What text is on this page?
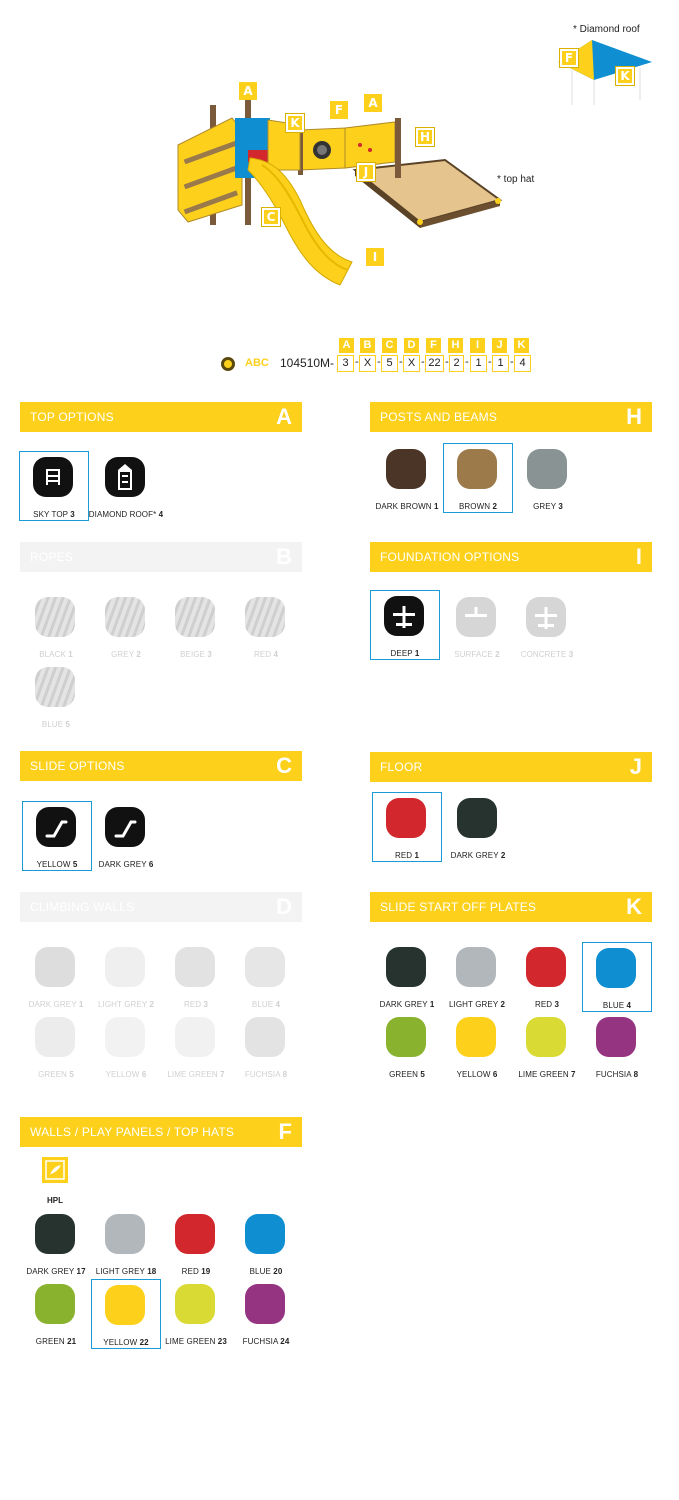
* Diamond roof
* top hat
A
K
F	A
H
J
C
I
F
K
ABC 104510M-
A	B	C	D	F	H	I	J	K
3 - X - 5 - X - 22 - 2 - 1 - 1 - 4
TOP OPTIONS	A
ROPES	B
SLIDE OPTIONS	C
CLIMBING WALLS	D
WALLS / PLAY PANELS / TOP HATS F
POSTS AND BEAMS	H
FOUNDATION OPTIONS	I
FLOOR	J
SLIDE START OFF PLATES	K
SKY TOP 3	DIAMOND ROOF* 4
BLACK 1	GREY 2	BEIGE 3	RED 4
BLUE 5
YELLOW 5	DARK GREY 6
DARK GREY 1	LIGHT GREY 2	RED 3	BLUE 4
GREEN 5	YELLOW 6	LIME GREEN 7	FUCHSIA 8
HPL
DARK GREY 17	LIGHT GREY 18	RED 19	BLUE 20
GREEN 21	YELLOW 22	LIME GREEN 23	FUCHSIA 24
DARK BROWN 1	BROWN 2	GREY 3
DEEP 1	SURFACE 2	CONCRETE 3
RED 1	DARK GREY 2
DARK GREY 1	LIGHT GREY 2	RED 3	BLUE 4
GREEN 5	YELLOW 6	LIME GREEN 7	FUCHSIA 8
